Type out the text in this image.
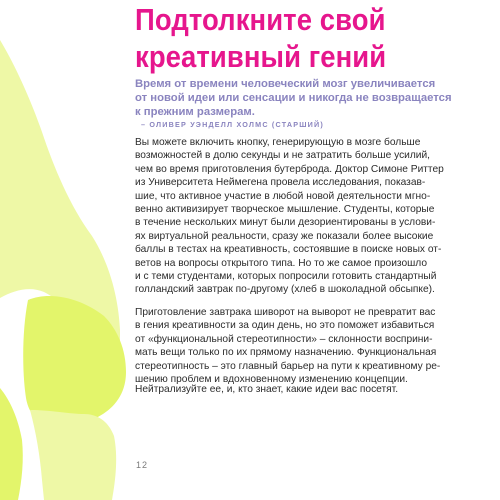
Подтолкните свой
креативный гений
Время от времени человеческий мозг увеличивается
от новой идеи или сенсации и никогда не возвращается
к прежним размерам.
– ОЛИВЕР УЭНДЕЛЛ ХОЛМС (СТАРШИЙ)
Вы можете включить кнопку, генерирующую в мозге больше
возможностей в долю секунды и не затратить больше усилий,
чем во время приготовления бутерброда. Доктор Симоне Риттер
из Университета Неймегена провела исследования, показав-
шие, что активное участие в любой новой деятельности мгно-
венно активизирует творческое мышление. Студенты, которые
в течение нескольких минут были дезориентированы в услови-
ях виртуальной реальности, сразу же показали более высокие
баллы в тестах на креативность, состоявшие в поиске новых от-
ветов на вопросы открытого типа. Но то же самое произошло
и с теми студентами, которых попросили готовить стандартный
голландский завтрак по-другому (хлеб в шоколадной обсыпке).
Приготовление завтрака шиворот на выворот не превратит вас
в гения креативности за один день, но это поможет избавиться
от «функциональной стереотипности» – склонности восприни-
мать вещи только по их прямому назначению. Функциональная
стереотипность – это главный барьер на пути к креативному ре-
шению проблем и вдохновенному изменению концепции.
Нейтрализуйте ее, и, кто знает, какие идеи вас посетят.
12
